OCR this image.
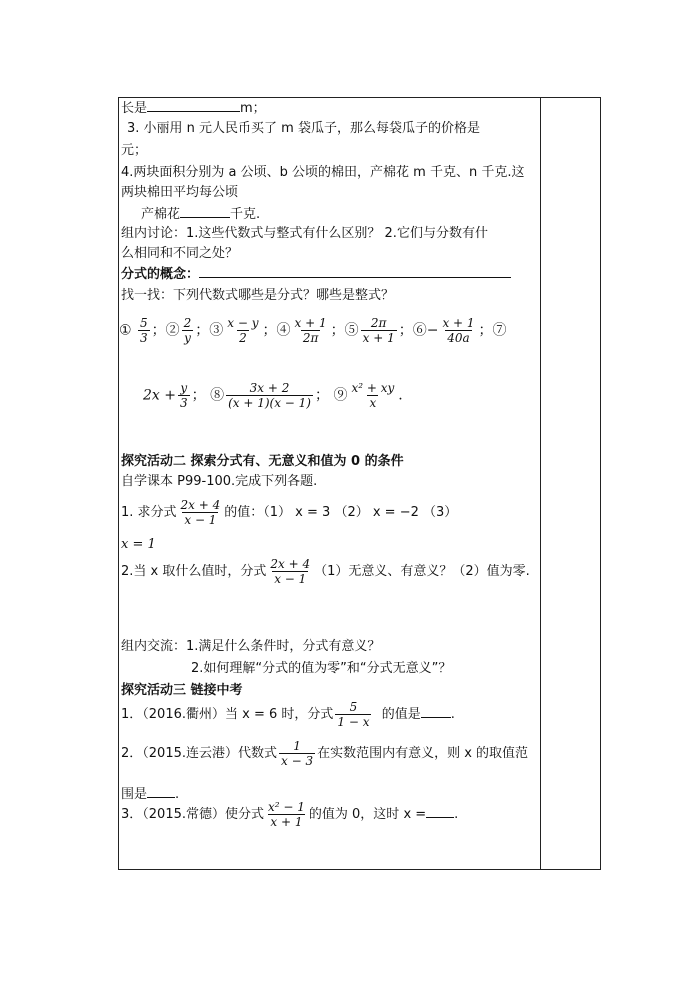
长是	m；
3. 小丽用 n 元人民币买了 m 袋瓜子，那么每袋瓜子的价格是
元；
4.两块面积分别为 a 公顷、b 公顷的棉田，产棉花 m 千克、n 千克.这
两块棉田平均每公顷
产棉花	千克.
组内讨论：1.这些代数式与整式有什么区别？ 2.它们与分数有什
么相同和不同之处？
分式的概念：
找一找：下列代数式哪些是分式？哪些是整式？
① $\frac{5}{3}$ ；② $\frac{2}{y}$ ；③ $\frac{x - y}{2}$ ；④ $\frac{x + 1}{2\pi}$ ；⑤ $\frac{2\pi}{x + 1}$ ；⑥− $\frac{x + 1}{40a}$ ；⑦
$2x + \frac{y}{3}$ ； ⑧ $\frac{3x + 2}{(x + 1)(x - 1)}$ ； ⑨ $\frac{\text{x² + xy}}{x}$ .
探究活动二 探索分式有、无意义和值为 0 的条件
自学课本 P99-100.完成下列各题.
1. 求分式 $\frac{2x + 4}{x - 1}$ 的值：（1） x = 3 （2） x = −2 （3）
x = 1
2.当 x 取什么值时，分式 $\frac{2x + 4}{x - 1} (1)$无意义、有意义？（2）值为零.
组内交流：1.满足什么条件时，分式有意义？
2.如何理解“分式的值为零”和“分式无意义”？
探究活动三 链接中考
1．（2016.衢州）当 x = 6 时，分式 $\frac{5}{1 - x}$ 的值是 .
2．（2015.连云港）代数式 $\frac{1}{x - 3}$ 在实数范围内有意义，则 x 的取值范
围是 .
3．（2015.常德）使分式 $\frac{\text{x² − 1}}{x + 1}$ 的值为 0，这时 x = .
